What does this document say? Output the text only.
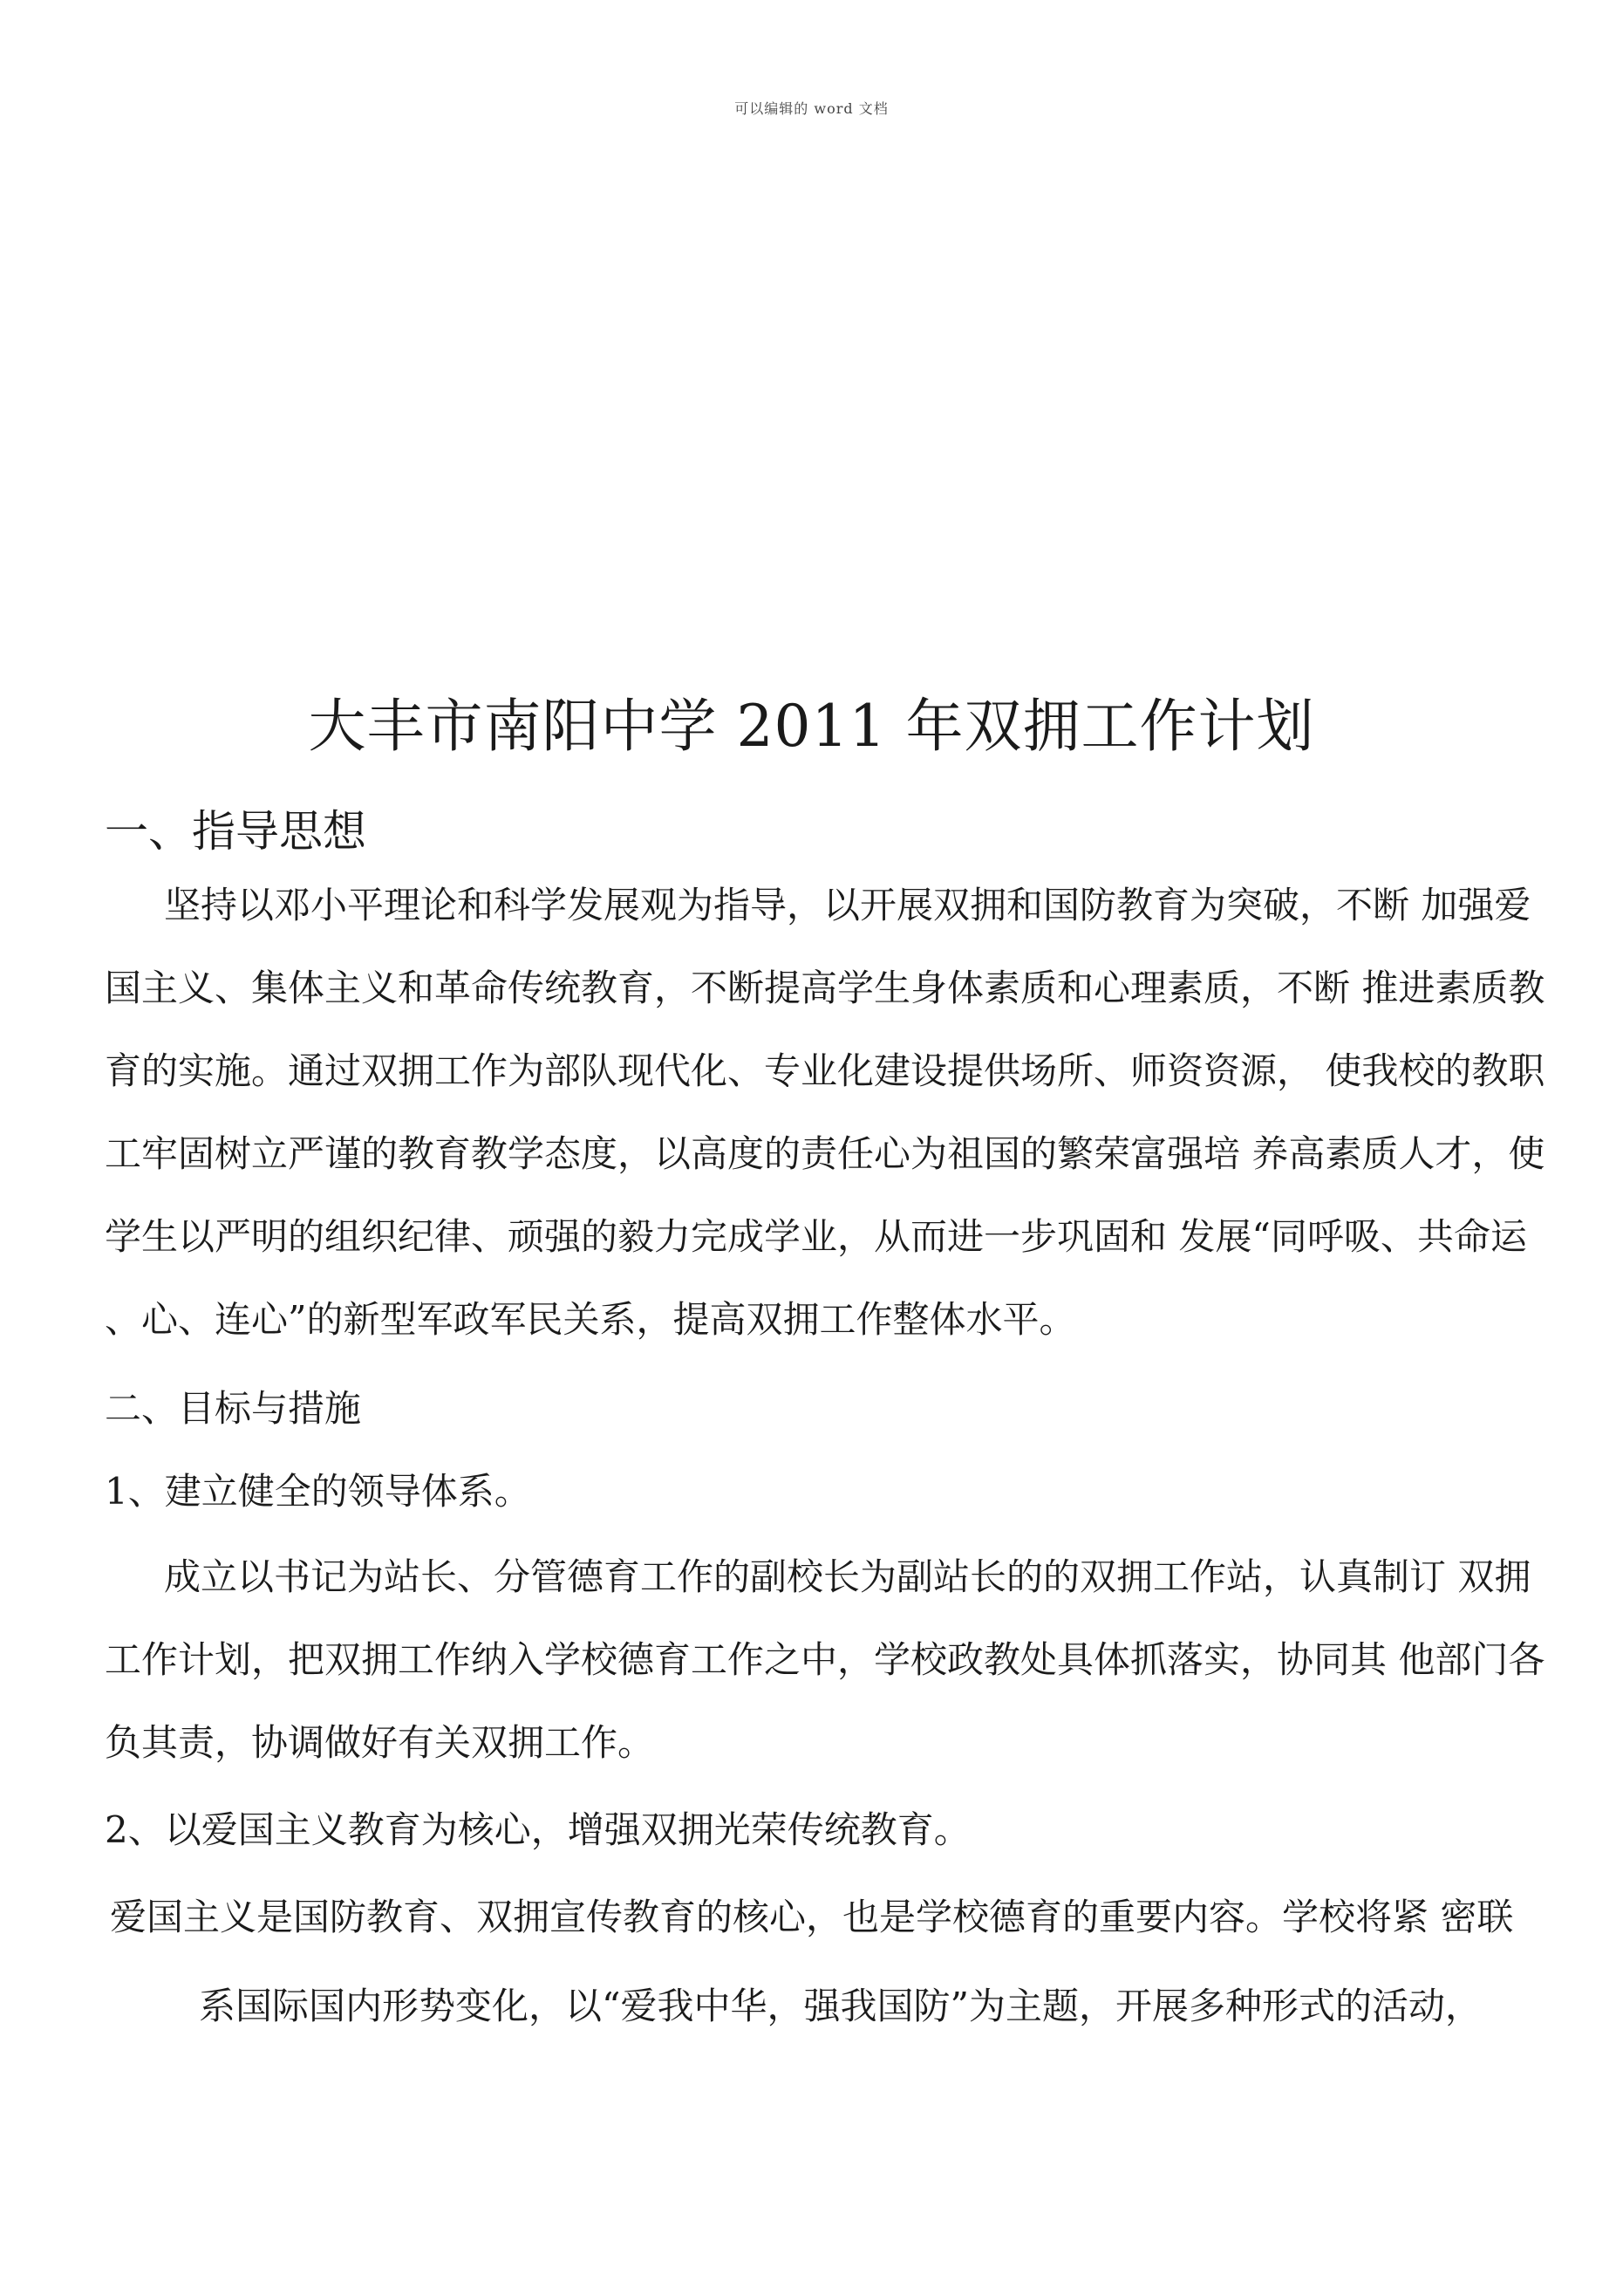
可以编辑的 word 文档
大丰市南阳中学 2011 年双拥工作计划
一、指导思想
坚持以邓小平理论和科学发展观为指导，以开展双拥和国防教育为突破，不断 加强爱
国主义、集体主义和革命传统教育，不断提高学生身体素质和心理素质，不断 推进素质教
育的实施。通过双拥工作为部队现代化、专业化建设提供场所、师资资源， 使我校的教职
工牢固树立严谨的教育教学态度，以高度的责任心为祖国的繁荣富强培 养高素质人才，使
学生以严明的组织纪律、顽强的毅力完成学业，从而进一步巩固和 发展“同呼吸、共命运
、心、连心”的新型军政军民关系，提高双拥工作整体水平。
二、目标与措施
1、建立健全的领导体系。
成立以书记为站长、分管德育工作的副校长为副站长的的双拥工作站，认真制订 双拥
工作计划，把双拥工作纳入学校德育工作之中，学校政教处具体抓落实，协同其 他部门各
负其责，协调做好有关双拥工作。
2、以爱国主义教育为核心，增强双拥光荣传统教育。
爱国主义是国防教育、双拥宣传教育的核心，也是学校德育的重要内容。学校将紧 密联
系国际国内形势变化，以“爱我中华，强我国防”为主题，开展多种形式的活动，
